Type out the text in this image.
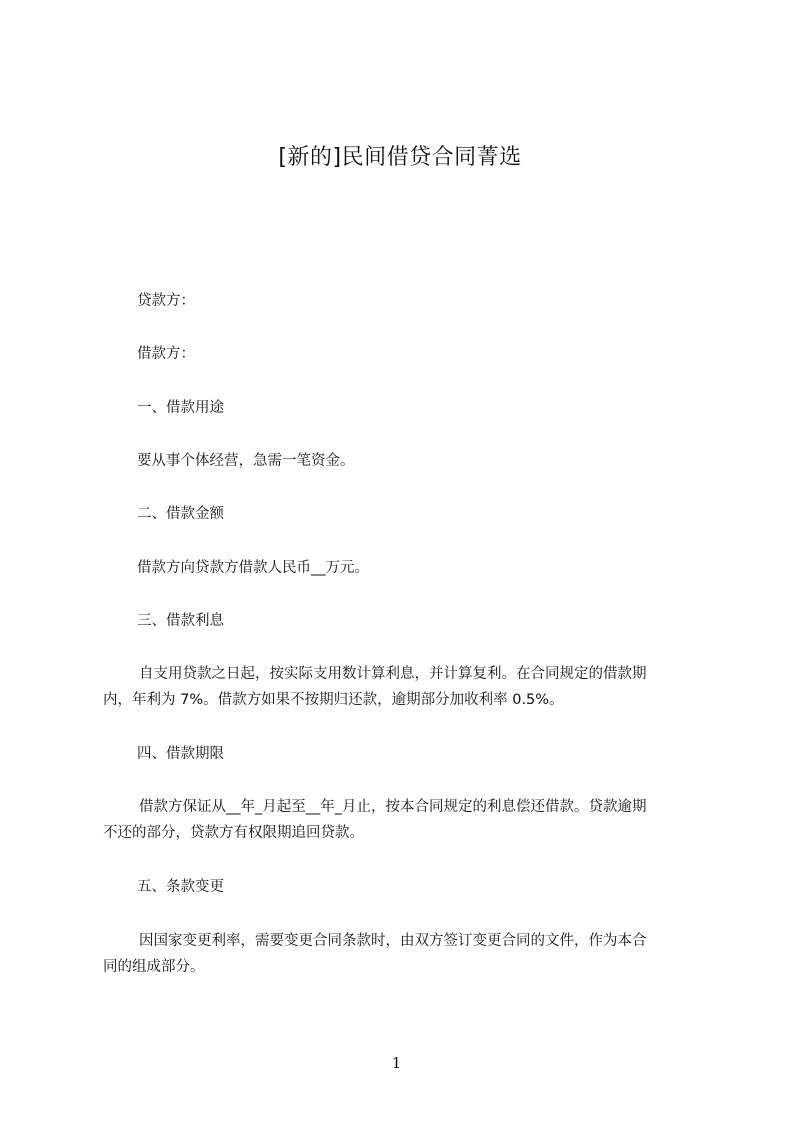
[新的]民间借贷合同菁选
贷款方：
借款方：
一、借款用途
要从事个体经营，急需一笔资金。
二、借款金额
借款方向贷款方借款人民币__万元。
三、借款利息
自支用贷款之日起，按实际支用数计算利息，并计算复利。在合同规定的借款期
内，年利为 7%。借款方如果不按期归还款，逾期部分加收利率 0.5%。
四、借款期限
借款方保证从__年_月起至__年_月止，按本合同规定的利息偿还借款。贷款逾期
不还的部分，贷款方有权限期追回贷款。
五、条款变更
因国家变更利率，需要变更合同条款时，由双方签订变更合同的文件，作为本合
同的组成部分。
1
